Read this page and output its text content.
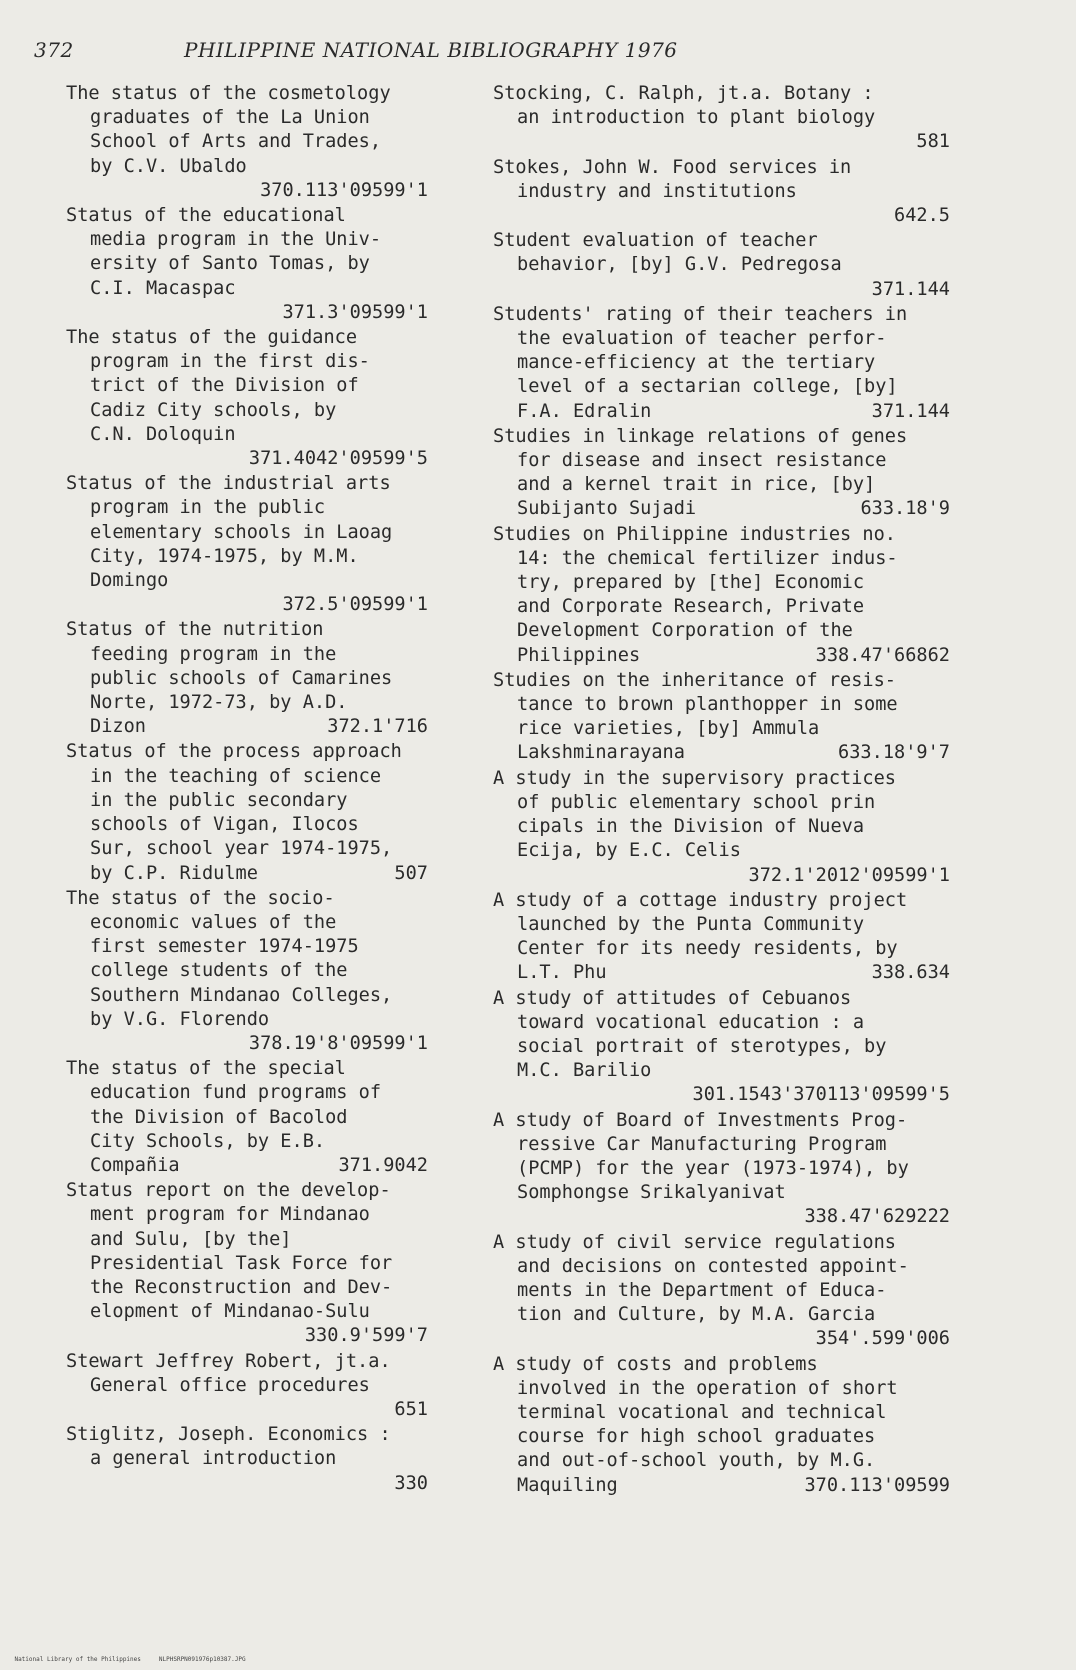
372	PHILIPPINE NATIONAL BIBLIOGRAPHY 1976
The status of the cosmetology
graduates of the La Union
School of Arts and Trades,
by C.V. Ubaldo
370.113'09599'1
Status of the educational
media program in the Univ-
ersity of Santo Tomas, by
C.I. Macaspac
371.3'09599'1
The status of the guidance
program in the first dis-
trict of the Division of
Cadiz City schools, by
C.N. Doloquin
371.4042'09599'5
Status of the industrial arts
program in the public
elementary schools in Laoag
City, 1974-1975, by M.M.
Domingo
372.5'09599'1
Status of the nutrition
feeding program in the
public schools of Camarines
Norte, 1972-73, by A.D.
Dizon	372.1'716
Status of the process approach
in the teaching of science
in the public secondary
schools of Vigan, Ilocos
Sur, school year 1974-1975,
by C.P. Ridulme	507
The status of the socio-
economic values of the
first semester 1974-1975
college students of the
Southern Mindanao Colleges,
by V.G. Florendo
378.19'8'09599'1
The status of the special
education fund programs of
the Division of Bacolod
City Schools, by E.B.
Compañia	371.9042
Status report on the develop-
ment program for Mindanao
and Sulu, [by the]
Presidential Task Force for
the Reconstruction and Dev-
elopment of Mindanao-Sulu
330.9'599'7
Stewart Jeffrey Robert, jt.a.
General office procedures
651
Stiglitz, Joseph. Economics :
a general introduction
330
Stocking, C. Ralph, jt.a. Botany :
an introduction to plant biology
581
Stokes, John W. Food services in
industry and institutions
642.5
Student evaluation of teacher
behavior, [by] G.V. Pedregosa
371.144
Students' rating of their teachers in
the evaluation of teacher perfor-
mance-efficiency at the tertiary
level of a sectarian college, [by]
F.A. Edralin	371.144
Studies in linkage relations of genes
for disease and insect resistance
and a kernel trait in rice, [by]
Subijanto Sujadi	633.18'9
Studies on Philippine industries no.
14: the chemical fertilizer indus-
try, prepared by [the] Economic
and Corporate Research, Private
Development Corporation of the
Philippines	338.47'66862
Studies on the inheritance of resis-
tance to brown planthopper in some
rice varieties, [by] Ammula
Lakshminarayana	633.18'9'7
A study in the supervisory practices
of public elementary school prin
cipals in the Division of Nueva
Ecija, by E.C. Celis
372.1'2012'09599'1
A study of a cottage industry project
launched by the Punta Community
Center for its needy residents, by
L.T. Phu	338.634
A study of attitudes of Cebuanos
toward vocational education : a
social portrait of sterotypes, by
M.C. Barilio
301.1543'370113'09599'5
A study of Board of Investments Prog-
ressive Car Manufacturing Program
(PCMP) for the year (1973-1974), by
Somphongse Srikalyanivat
338.47'629222
A study of civil service regulations
and decisions on contested appoint-
ments in the Department of Educa-
tion and Culture, by M.A. Garcia
354'.599'006
A study of costs and problems
involved in the operation of short
terminal vocational and technical
course for high school graduates
and out-of-school youth, by M.G.
Maquiling	370.113'09599

National Library of the Philippines	NLPHSRPN091976p10387.JPG
